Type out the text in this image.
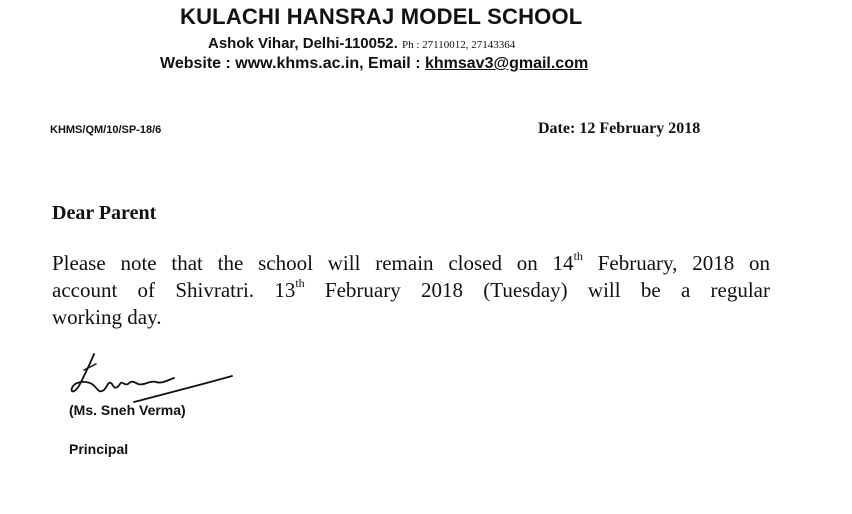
KULACHI HANSRAJ MODEL SCHOOL
Ashok Vihar, Delhi-110052. Ph : 27110012, 27143364
Website : www.khms.ac.in, Email : khmsav3@gmail.com
KHMS/QM/10/SP-18/6	Date: 12 February 2018
Dear Parent
Please note that the school will remain closed on 14th February, 2018 on
account of Shivratri. 13th February 2018 (Tuesday) will be a regular
working day.
(Ms. Sneh Verma)
Principal
